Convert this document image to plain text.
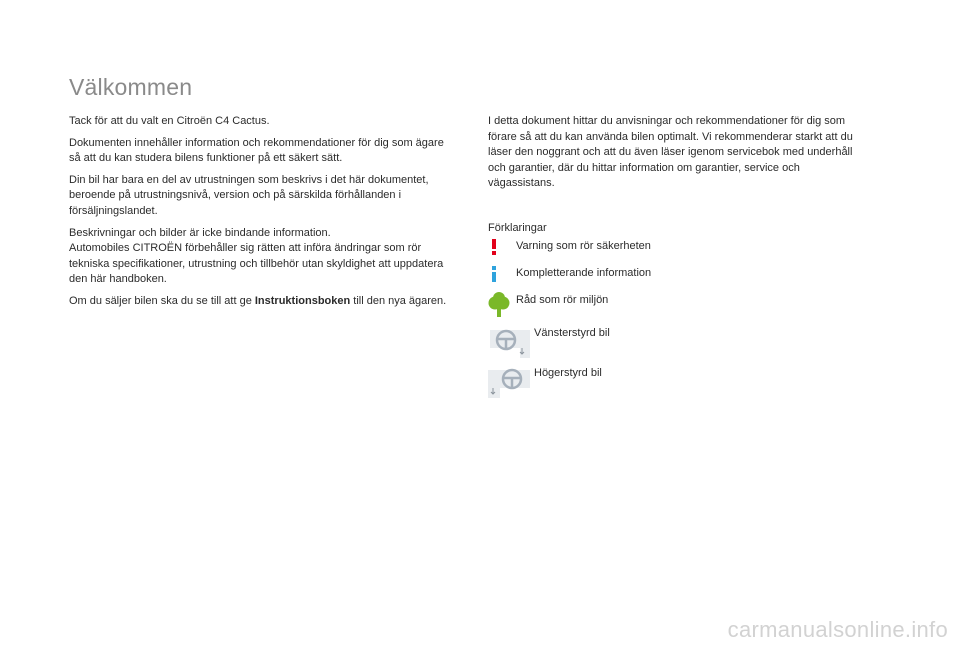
Välkommen

Tack för att du valt en Citroën C4 Cactus.

Dokumenten innehåller information och rekommendationer för dig som ägare så att du kan studera bilens funktioner på ett säkert sätt.

Din bil har bara en del av utrustningen som beskrivs i det här dokumentet, beroende på utrustningsnivå, version och på särskilda förhållanden i försäljningslandet.

Beskrivningar och bilder är icke bindande information.
Automobiles CITROËN förbehåller sig rätten att införa ändringar som rör tekniska specifikationer, utrustning och tillbehör utan skyldighet att uppdatera den här handboken.

Om du säljer bilen ska du se till att ge Instruktionsboken till den nya ägaren.

I detta dokument hittar du anvisningar och rekommendationer för dig som förare så att du kan använda bilen optimalt. Vi rekommenderar starkt att du läser den noggrant och att du även läser igenom servicebok med underhåll och garantier, där du hittar information om garantier, service och vägassistans.

Förklaringar
Varning som rör säkerheten
Kompletterande information
Råd som rör miljön
Vänsterstyrd bil
Högerstyrd bil
carmanualsonline.info
